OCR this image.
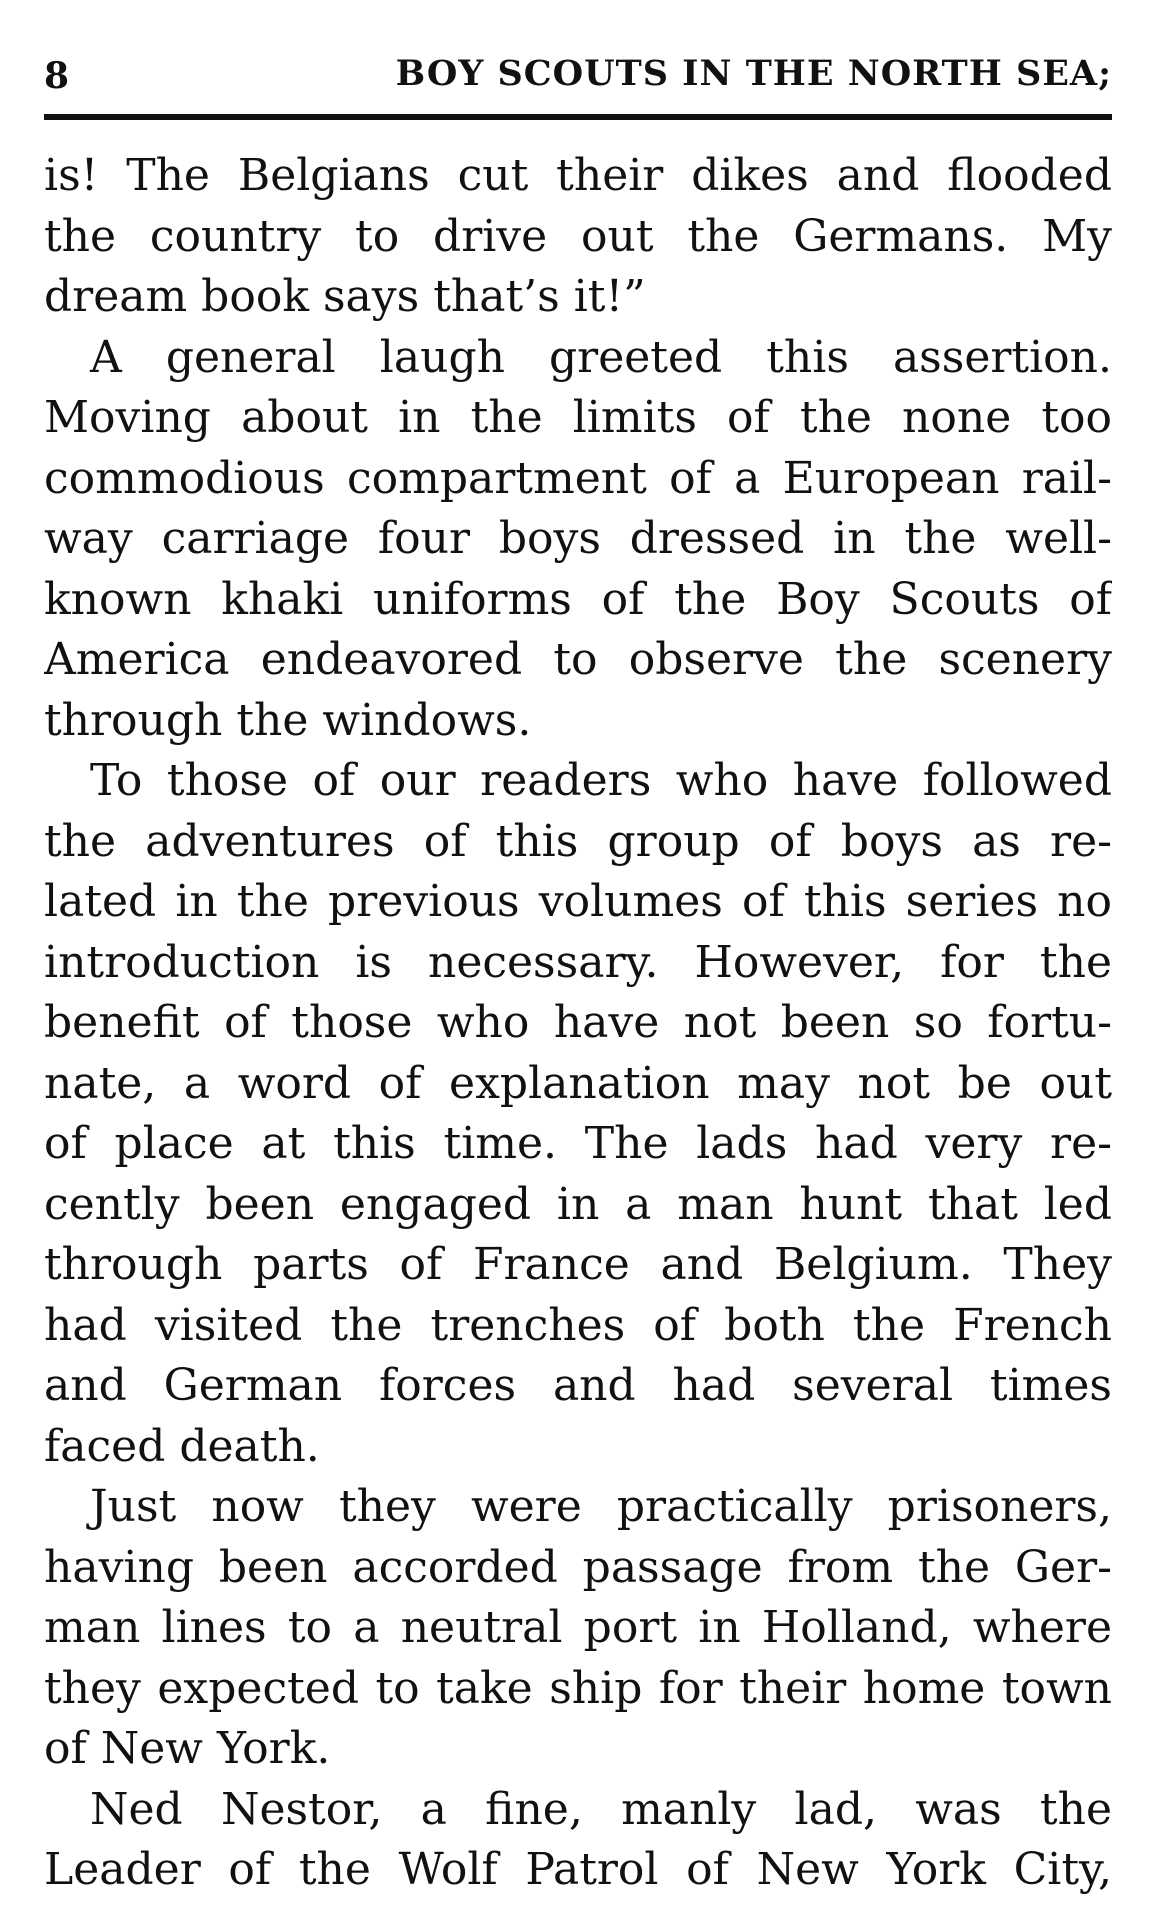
8	BOY SCOUTS IN THE NORTH SEA;
is! The Belgians cut their dikes and flooded
the country to drive out the Germans. My
dream book says that’s it!”
A general laugh greeted this assertion.
Moving about in the limits of the none too
commodious compartment of a European rail-
way carriage four boys dressed in the well-
known khaki uniforms of the Boy Scouts of
America endeavored to observe the scenery
through the windows.
To those of our readers who have followed
the adventures of this group of boys as re-
lated in the previous volumes of this series no
introduction is necessary. However, for the
benefit of those who have not been so fortu-
nate, a word of explanation may not be out
of place at this time. The lads had very re-
cently been engaged in a man hunt that led
through parts of France and Belgium. They
had visited the trenches of both the French
and German forces and had several times
faced death.
Just now they were practically prisoners,
having been accorded passage from the Ger-
man lines to a neutral port in Holland, where
they expected to take ship for their home town
of New York.
Ned Nestor, a fine, manly lad, was the
Leader of the Wolf Patrol of New York City,
